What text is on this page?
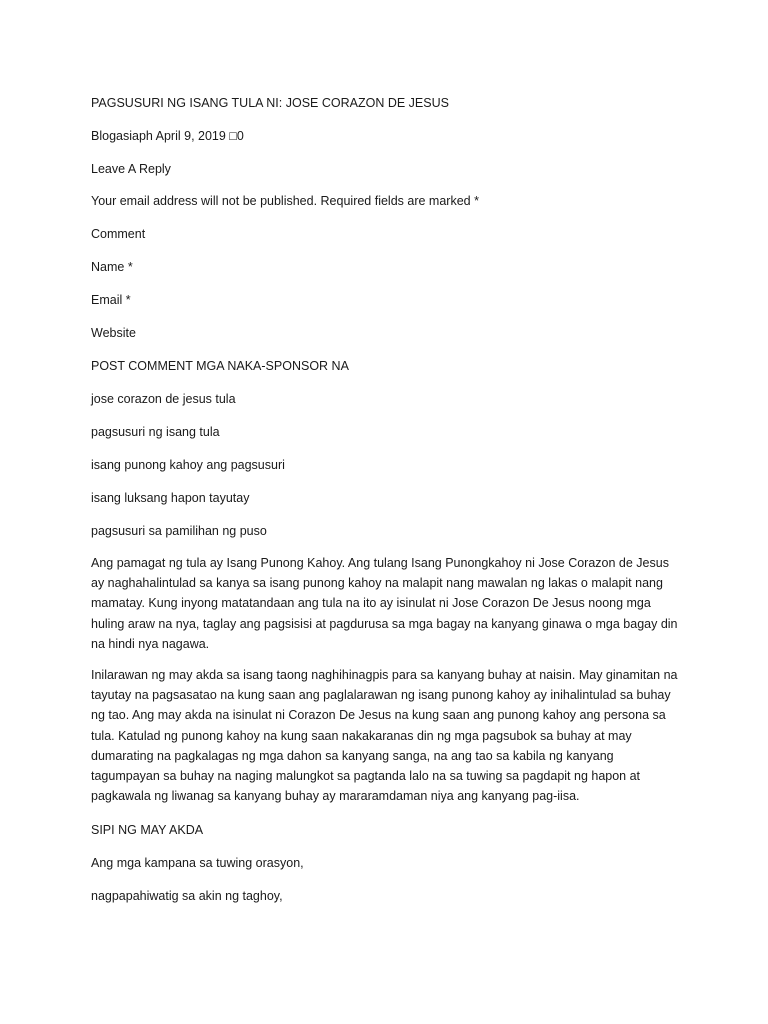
PAGSUSURI NG ISANG TULA NI: JOSE CORAZON DE JESUS

Blogasiaph April 9, 2019 □0

Leave A Reply

Your email address will not be published. Required fields are marked *

Comment

Name *

Email *

Website

POST COMMENT MGA NAKA-SPONSOR NA

jose corazon de jesus tula

pagsusuri ng isang tula

isang punong kahoy ang pagsusuri

isang luksang hapon tayutay

pagsusuri sa pamilihan ng puso

Ang pamagat ng tula ay Isang Punong Kahoy. Ang tulang Isang Punongkahoy ni Jose Corazon de Jesus ay naghahalintulad sa kanya sa isang punong kahoy na malapit nang mawalan ng lakas o malapit nang mamatay. Kung inyong matatandaan ang tula na ito ay isinulat ni Jose Corazon De Jesus noong mga huling araw na nya, taglay ang pagsisisi at pagdurusa sa mga bagay na kanyang ginawa o mga bagay din na hindi nya nagawa.

Inilarawan ng may akda sa isang taong naghihinagpis para sa kanyang buhay at naisin. May ginamitan na tayutay na pagsasatao na kung saan ang paglalarawan ng isang punong kahoy ay inihalintulad sa buhay ng tao. Ang may akda na isinulat ni Corazon De Jesus na kung saan ang punong kahoy ang persona sa tula. Katulad ng punong kahoy na kung saan nakakaranas din ng mga pagsubok sa buhay at may dumarating na pagkalagas ng mga dahon sa kanyang sanga, na ang tao sa kabila ng kanyang tagumpayan sa buhay na naging malungkot sa pagtanda lalo na sa tuwing sa pagdapit ng hapon at pagkawala ng liwanag sa kanyang buhay ay mararamdaman niya ang kanyang pag-iisa.

SIPI NG MAY AKDA

Ang mga kampana sa tuwing orasyon,

nagpapahiwatig sa akin ng taghoy,
